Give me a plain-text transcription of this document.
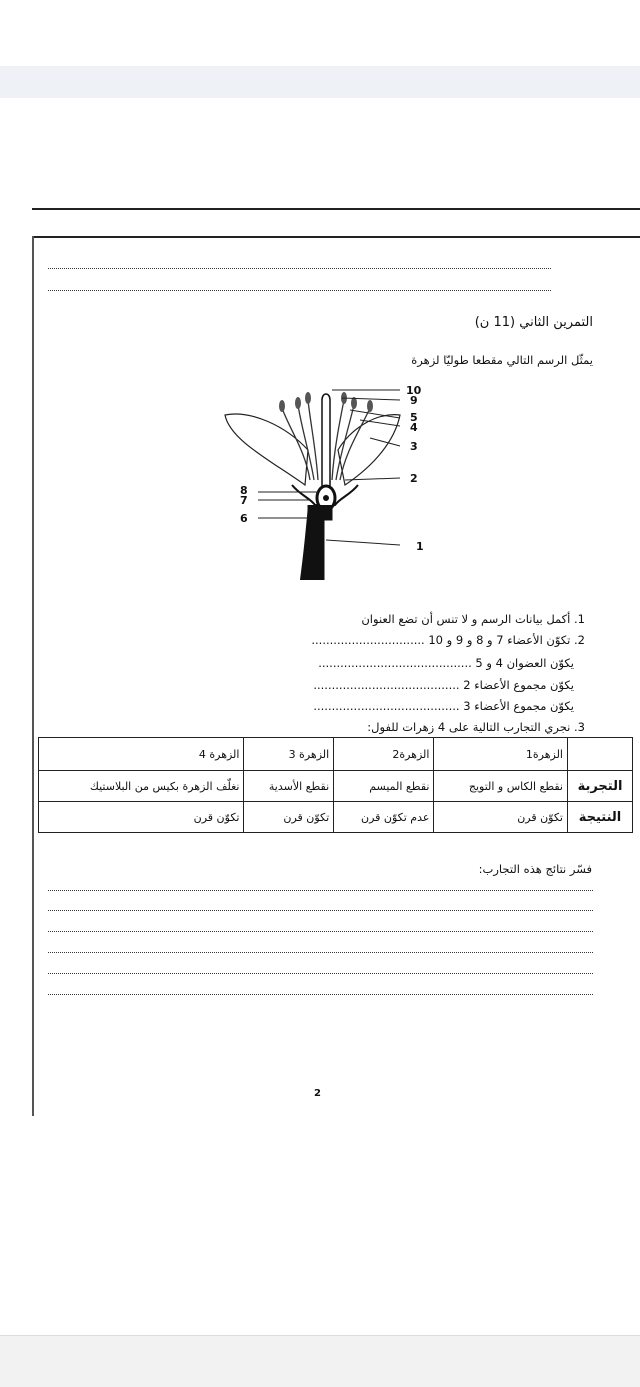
التمرين الثاني (11 ن)
يمثّل الرسم التالي مقطعا طوليّا لزهرة
10
9
5
4
3
2
8
7
6
1
1. أكمل بيانات الرسم و لا تنس أن تضع العنوان
2. تكوّن الأعضاء 7 و 8 و 9 و 10 ...............................
يكوّن العضوان 4 و 5 ..........................................
يكوّن مجموع الأعضاء 2 ........................................
يكوّن مجموع الأعضاء 3 ........................................
3. نجري التجارب التالية على 4 زهرات للفول:
	الزهرة1	الزهرة2	الزهرة 3	الزهرة 4
التجربة	نقطع الكاس و التويج	نقطع الميسم	نقطع الأسدية	نغلّف الزهرة بكيس من البلاستيك
النتيجة	تكوّن قرن	عدم تكوّن قرن	تكوّن قرن	تكوّن قرن
فسّر نتائج هذه التجارب:
2
